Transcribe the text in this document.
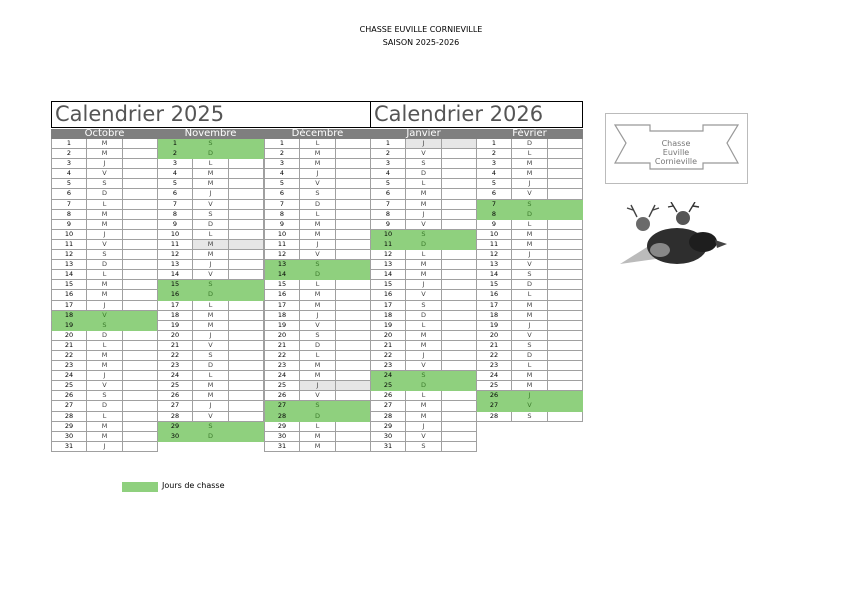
CHASSE EUVILLE CORNIEVILLE
SAISON 2025-2026
Calendrier 2025	Calendrier 2026
Octobre
1	M
2	M
3	J
4	V
5	S
6	D
7	L
8	M
9	M
10	J
11	V
12	S
13	D
14	L
15	M
16	M
17	J
18	V
19	S
20	D
21	L
22	M
23	M
24	J
25	V
26	S
27	D
28	L
29	M
30	M
31	J
Novembre
1	S
2	D
3	L
4	M
5	M
6	J
7	V
8	S
9	D
10	L
11	M
12	M
13	J
14	V
15	S
16	D
17	L
18	M
19	M
20	J
21	V
22	S
23	D
24	L
25	M
26	M
27	J
28	V
29	S
30	D
Décembre
1	L
2	M
3	M
4	J
5	V
6	S
7	D
8	L
9	M
10	M
11	J
12	V
13	S
14	D
15	L
16	M
17	M
18	J
19	V
20	S
21	D
22	L
23	M
24	M
25	J
26	V
27	S
28	D
29	L
30	M
31	M
Janvier
1	J
2	V
3	S
4	D
5	L
6	M
7	M
8	J
9	V
10	S
11	D
12	L
13	M
14	M
15	J
16	V
17	S
18	D
19	L
20	M
21	M
22	J
23	V
24	S
25	D
26	L
27	M
28	M
29	J
30	V
31	S
Février
1	D
2	L
3	M
4	M
5	J
6	V
7	S
8	D
9	L
10	M
11	M
12	J
13	V
14	S
15	D
16	L
17	M
18	M
19	J
20	V
21	S
22	D
23	L
24	M
25	M
26	J
27	V
28	S
Chasse
Euville
Cornieville
Jours de chasse
